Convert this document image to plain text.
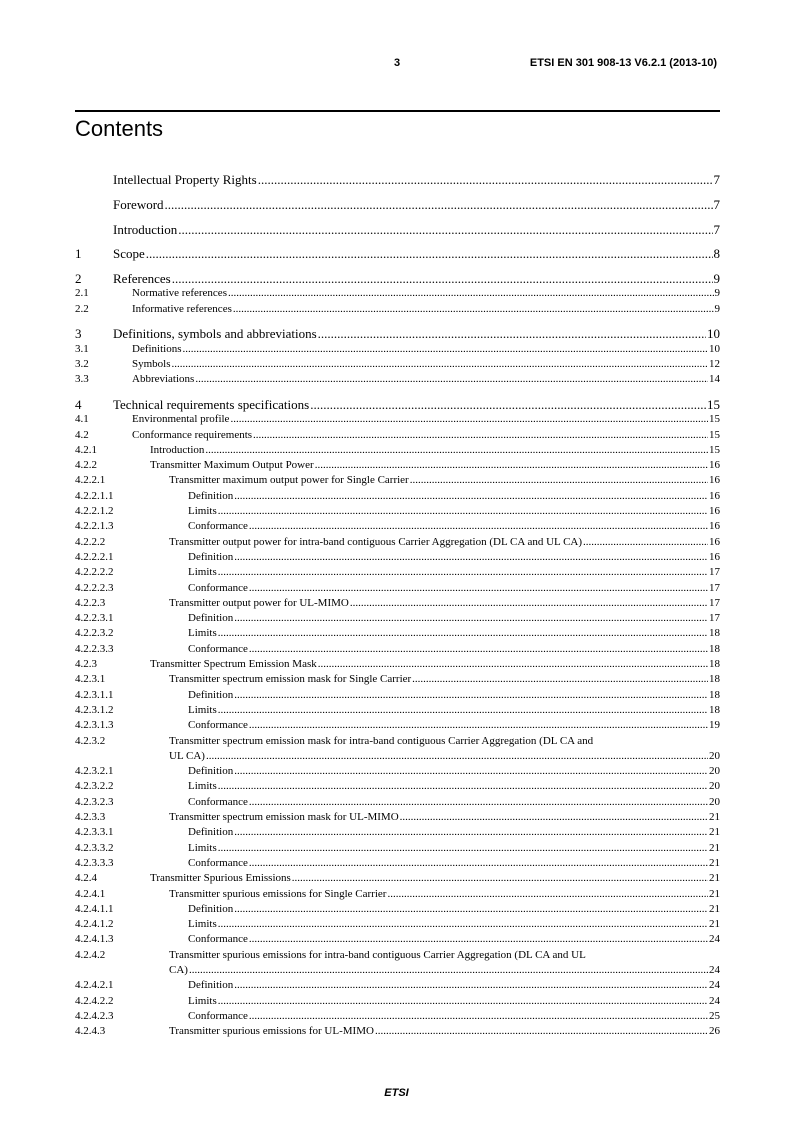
3	ETSI EN 301 908-13 V6.2.1 (2013-10)
Contents
Intellectual Property Rights .....	7
Foreword .....	7
Introduction .....	7
1	Scope .....	8
2	References .....	9
2.1	Normative references .....	9
2.2	Informative references .....	9
3	Definitions, symbols and abbreviations .....	10
3.1	Definitions .....	10
3.2	Symbols .....	12
3.3	Abbreviations .....	14
4	Technical requirements specifications .....	15
4.1	Environmental profile .....	15
4.2	Conformance requirements .....	15
4.2.1	Introduction .....	15
4.2.2	Transmitter Maximum Output Power .....	16
4.2.2.1	Transmitter maximum output power for Single Carrier .....	16
4.2.2.1.1	Definition .....	16
4.2.2.1.2	Limits .....	16
4.2.2.1.3	Conformance .....	16
4.2.2.2	Transmitter output power for intra-band contiguous Carrier Aggregation (DL CA and UL CA) .....	16
4.2.2.2.1	Definition .....	16
4.2.2.2.2	Limits .....	17
4.2.2.2.3	Conformance .....	17
4.2.2.3	Transmitter output power for UL-MIMO .....	17
4.2.2.3.1	Definition .....	17
4.2.2.3.2	Limits .....	18
4.2.2.3.3	Conformance .....	18
4.2.3	Transmitter Spectrum Emission Mask .....	18
4.2.3.1	Transmitter spectrum emission mask for Single Carrier .....	18
4.2.3.1.1	Definition .....	18
4.2.3.1.2	Limits .....	18
4.2.3.1.3	Conformance .....	19
4.2.3.2	Transmitter spectrum emission mask for intra-band contiguous Carrier Aggregation (DL CA and
UL CA) .....	20
4.2.3.2.1	Definition .....	20
4.2.3.2.2	Limits .....	20
4.2.3.2.3	Conformance .....	20
4.2.3.3	Transmitter spectrum emission mask for UL-MIMO .....	21
4.2.3.3.1	Definition .....	21
4.2.3.3.2	Limits .....	21
4.2.3.3.3	Conformance .....	21
4.2.4	Transmitter Spurious Emissions .....	21
4.2.4.1	Transmitter spurious emissions for Single Carrier .....	21
4.2.4.1.1	Definition .....	21
4.2.4.1.2	Limits .....	21
4.2.4.1.3	Conformance .....	24
4.2.4.2	Transmitter spurious emissions for intra-band contiguous Carrier Aggregation (DL CA and UL
CA) .....	24
4.2.4.2.1	Definition .....	24
4.2.4.2.2	Limits .....	24
4.2.4.2.3	Conformance .....	25
4.2.4.3	Transmitter spurious emissions for UL-MIMO .....	26
ETSI
